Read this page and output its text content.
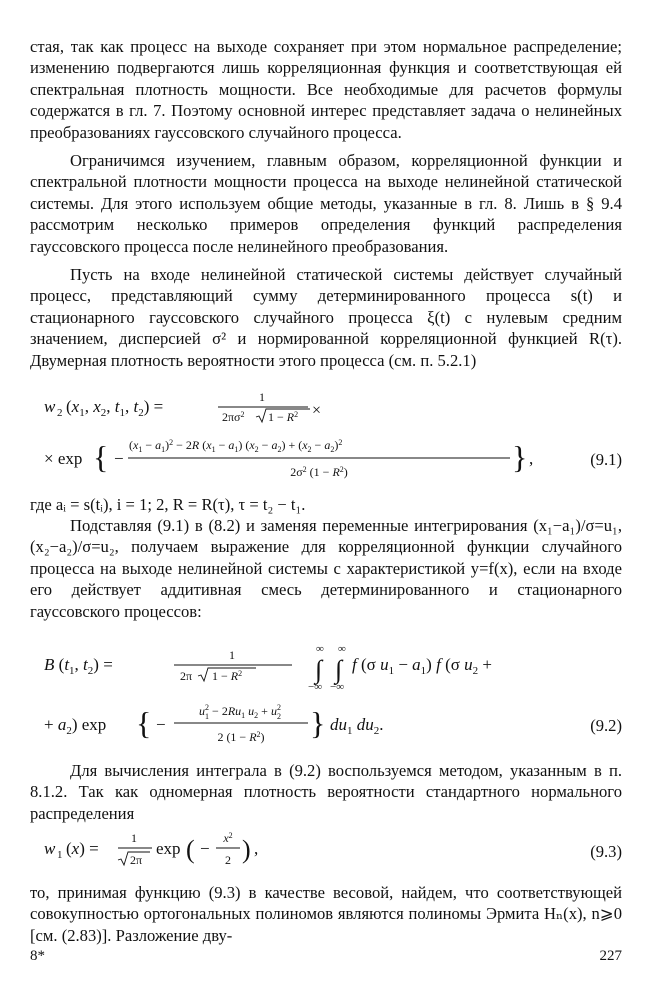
стая, так как процесс на выходе сохраняет при этом нормальное распределение; изменению подвергаются лишь корреляционная функция и соответствующая ей спектральная плотность мощности. Все необходимые для расчетов формулы содержатся в гл. 7. Поэтому основной интерес представляет задача о нелинейных преобразованиях гауссовского случайного процесса.

Ограничимся изучением, главным образом, корреляционной функции и спектральной плотности мощности процесса на выходе нелинейной статической системы. Для этого используем общие методы, указанные в гл. 8. Лишь в § 9.4 рассмотрим несколько примеров определения функций распределения гауссовского процесса после нелинейного преобразования.

Пусть на входе нелинейной статической системы действует случайный процесс, представляющий сумму детерминированного процесса s(t) и стационарного гауссовского случайного процесса ξ(t) с нулевым средним значением, дисперсией σ² и нормированной корреляционной функцией R(τ). Двумерная плотность вероятности этого процесса (см. п. 5.2.1)

w 2 ($x_1$, $x_2$, $t_1$, $t_2$) =	1
$2\pi\sigma^2$ $1 - R^2$ ×
× exp { −
$(x_1 - a_1)^2 - 2R$ $(x_1 - a_1) (x_2 - a_2) + (x_2 - a_2)^2$
$2\sigma^2$ $(1 - R^2)$	} ,	(9.1)

где aᵢ = s(tᵢ), i = 1; 2, R = R(τ), τ = t₂ − t₁.

Подставляя (9.1) в (8.2) и заменяя переменные интегрирования (x₁−a₁)/σ=u₁, (x₂−a₂)/σ=u₂, получаем выражение для корреляционной функции случайного процесса на выходе нелинейной системы с характеристикой y=f(x), если на входе его действует аддитивная смесь детерминированного и стационарного гауссовского процессов:

B ($t_1$, $t_2$) =	1
2π $1 - R^2$
∞ ∞
∫ ∫
−∞ −∞
f (σ $u_1 - a_1$) f (σ $u_2$ +
+ $a_2$) exp { −
$u^2$ $1 - 2Ru_1$ $u_2 + u^2$ 2
2 $(1 - R^2)$ } $du_1$ $du_2$.	(9.2)

Для вычисления интеграла в (9.2) воспользуемся методом, указанным в п. 8.1.2. Так как одномерная плотность вероятности стандартного нормального распределения

w 1 (x) =
1
2π
exp ( −
$x^2$
2 ) ,	(9.3)

то, принимая функцию (9.3) в качестве весовой, найдем, что соответствующей совокупностью ортогональных полиномов являются полиномы Эрмита Hₙ(x), n⩾0 [см. (2.83)]. Разложение дву-

8*	227
